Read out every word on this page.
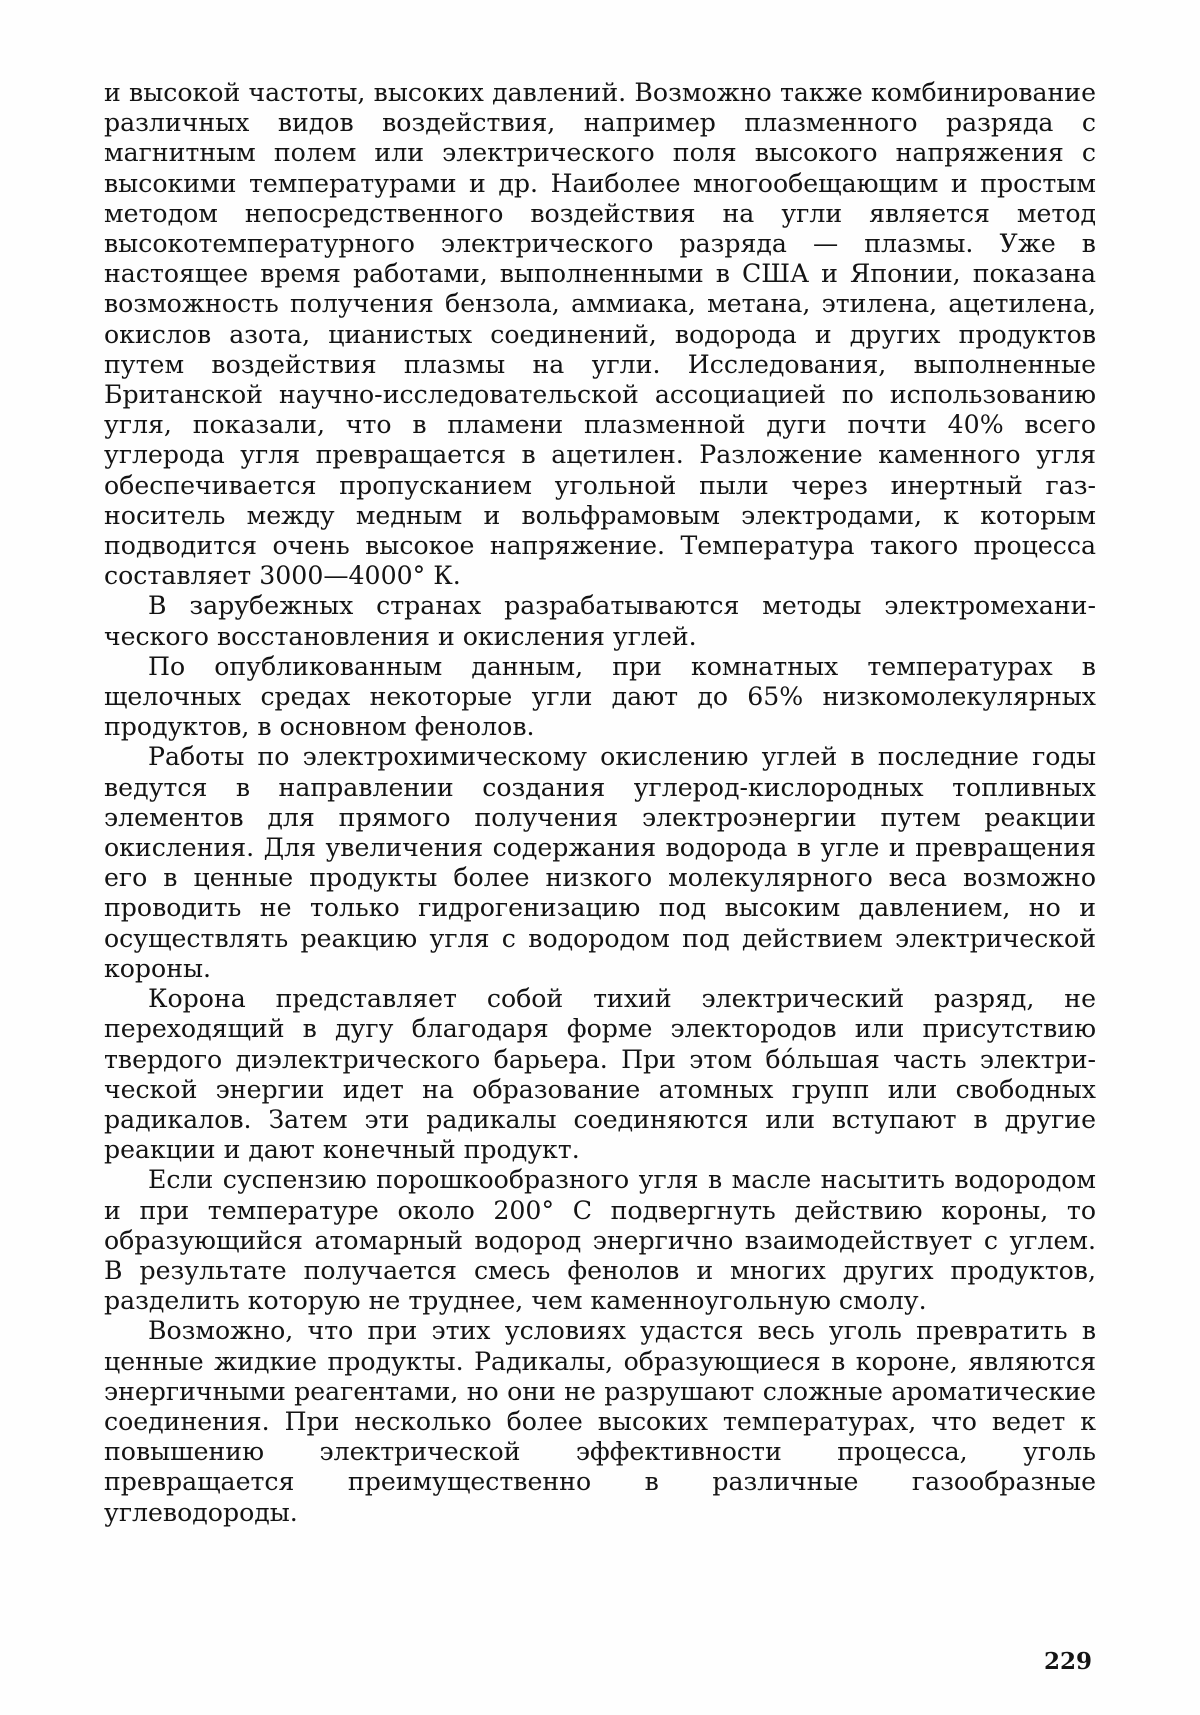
и высокой частоты, высоких давлений. Возможно также комбинирование различных видов воздействия, например плазменного разряда с магнитным полем или электрического поля высокого напряжения с высокими температурами и др. Наиболее многообещающим и простым методом непосредственного воздействия на угли является метод высокотемпературного электрического разряда — плазмы. Уже в настоящее время работами, выполненными в США и Японии, показана возможность получения бензола, аммиака, метана, этилена, ацетилена, окислов азота, цианистых соединений, водорода и других продуктов путем воздействия плазмы на угли. Исследования, выполненные Британской научно-исследовательской ассоциацией по использованию угля, показали, что в пламени плазменной дуги почти 40% всего углерода угля превращается в ацетилен. Разложение каменного угля обеспечивается пропусканием угольной пыли через инертный газ-носитель между медным и вольфрамовым электродами, к которым подводится очень высокое напряжение. Температура такого процесса составляет 3000—4000° К.

В зарубежных странах разрабатываются методы электромеханического восстановления и окисления углей.

По опубликованным данным, при комнатных температурах в щелочных средах некоторые угли дают до 65% низкомолекулярных продуктов, в основном фенолов.

Работы по электрохимическому окислению углей в последние годы ведутся в направлении создания углерод-кислородных топливных элементов для прямого получения электроэнергии путем реакции окисления. Для увеличения содержания водорода в угле и превращения его в ценные продукты более низкого молекулярного веса возможно проводить не только гидрогенизацию под высоким давлением, но и осуществлять реакцию угля с водородом под действием электрической короны.

Корона представляет собой тихий электрический разряд, не переходящий в дугу благодаря форме электородов или присутствию твердого диэлектрического барьера. При этом бóльшая часть электрической энергии идет на образование атомных групп или свободных радикалов. Затем эти радикалы соединяются или вступают в другие реакции и дают конечный продукт.

Если суспензию порошкообразного угля в масле насытить водородом и при температуре около 200° С подвергнуть действию короны, то образующийся атомарный водород энергично взаимодействует с углем. В результате получается смесь фенолов и многих других продуктов, разделить которую не труднее, чем каменноугольную смолу.

Возможно, что при этих условиях удастся весь уголь превратить в ценные жидкие продукты. Радикалы, образующиеся в короне, являются энергичными реагентами, но они не разрушают сложные ароматические соединения. При несколько более высоких температурах, что ведет к повышению электрической эффективности процесса, уголь превращается преимущественно в различные газообразные углеводороды.

229
